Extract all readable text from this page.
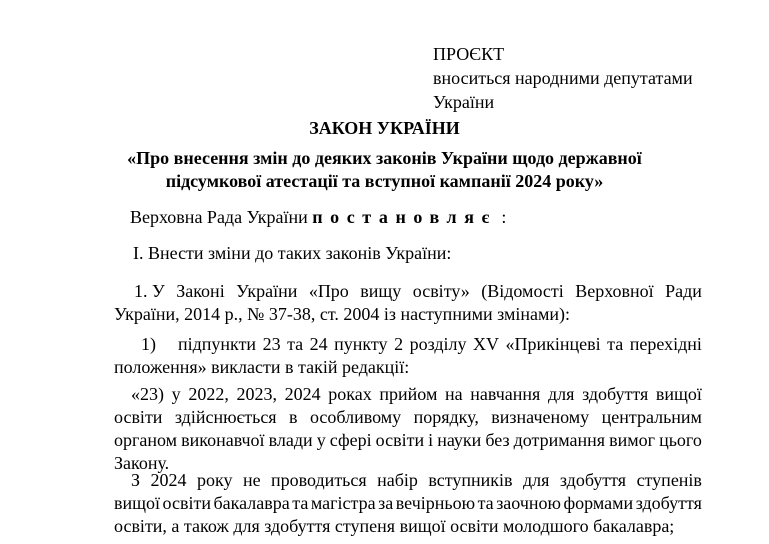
ПРОЄКТ
вноситься народними депутатами
України
ЗАКОН УКРАЇНИ
«Про внесення змін до деяких законів України щодо державної
підсумкової атестації та вступної кампанії 2024 року»
Верховна Рада України постановляє :
I. Внести зміни до таких законів України:
1. У Законі України «Про вищу освіту» (Відомості Верховної Ради
України, 2014 р., № 37-38, ст. 2004 із наступними змінами):
1) підпункти 23 та 24 пункту 2 розділу XV «Прикінцеві та перехідні
положення» викласти в такій редакції:
«23) у 2022, 2023, 2024 роках прийом на навчання для здобуття вищої
освіти здійснюється в особливому порядку, визначеному центральним
органом виконавчої влади у сфері освіти і науки без дотримання вимог цього
Закону.
З 2024 року не проводиться набір вступників для здобуття ступенів
вищої освіти бакалавра та магістра за вечірньою та заочною формами здобуття
освіти, а також для здобуття ступеня вищої освіти молодшого бакалавра;
